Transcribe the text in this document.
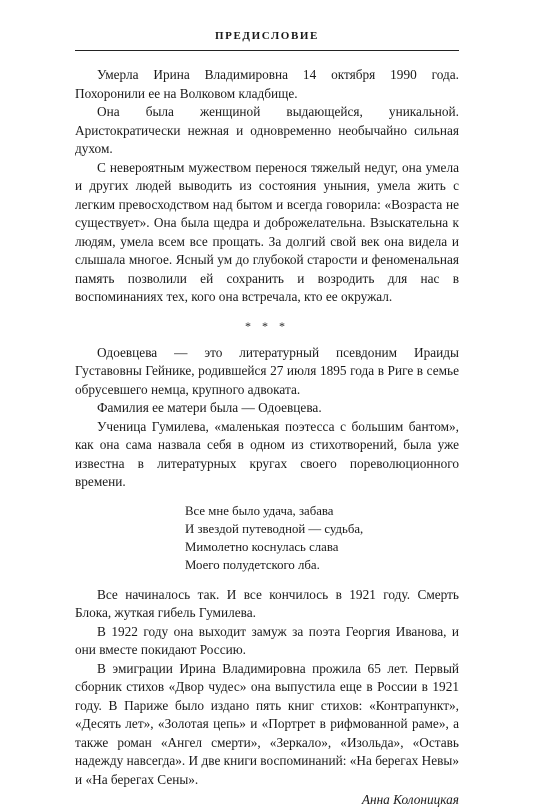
ПРЕДИСЛОВИЕ

Умерла Ирина Владимировна 14 октября 1990 года. Похоронили ее на Волковом кладбище.

Она была женщиной выдающейся, уникальной. Аристократически нежная и одновременно необычайно сильная духом.

С невероятным мужеством перенося тяжелый недуг, она умела и других людей выводить из состояния уныния, умела жить с легким превосходством над бытом и всегда говорила: «Возраста не существует». Она была щедра и доброжелательна. Взыскательна к людям, умела всем все прощать. За долгий свой век она видела и слышала многое. Ясный ум до глубокой старости и феноменальная память позволили ей сохранить и возродить для нас в воспоминаниях тех, кого она встречала, кто ее окружал.

* * *

Одоевцева — это литературный псевдоним Ираиды Густавовны Гейнике, родившейся 27 июля 1895 года в Риге в семье обрусевшего немца, крупного адвоката.

Фамилия ее матери была — Одоевцева.

Ученица Гумилева, «маленькая поэтесса с большим бантом», как она сама назвала себя в одном из стихотворений, была уже известна в литературных кругах своего пореволюционного времени.

Все мне было удача, забава
И звездой путеводной — судьба,
Мимолетно коснулась слава
Моего полудетского лба.

Все начиналось так. И все кончилось в 1921 году. Смерть Блока, жуткая гибель Гумилева.

В 1922 году она выходит замуж за поэта Георгия Иванова, и они вместе покидают Россию.

В эмиграции Ирина Владимировна прожила 65 лет. Первый сборник стихов «Двор чудес» она выпустила еще в России в 1921 году. В Париже было издано пять книг стихов: «Контрапункт», «Десять лет», «Золотая цепь» и «Портрет в рифмованной раме», а также роман «Ангел смерти», «Зеркало», «Изольда», «Оставь надежду навсегда». И две книги воспоминаний: «На берегах Невы» и «На берегах Сены».

Анна Колоницкая
